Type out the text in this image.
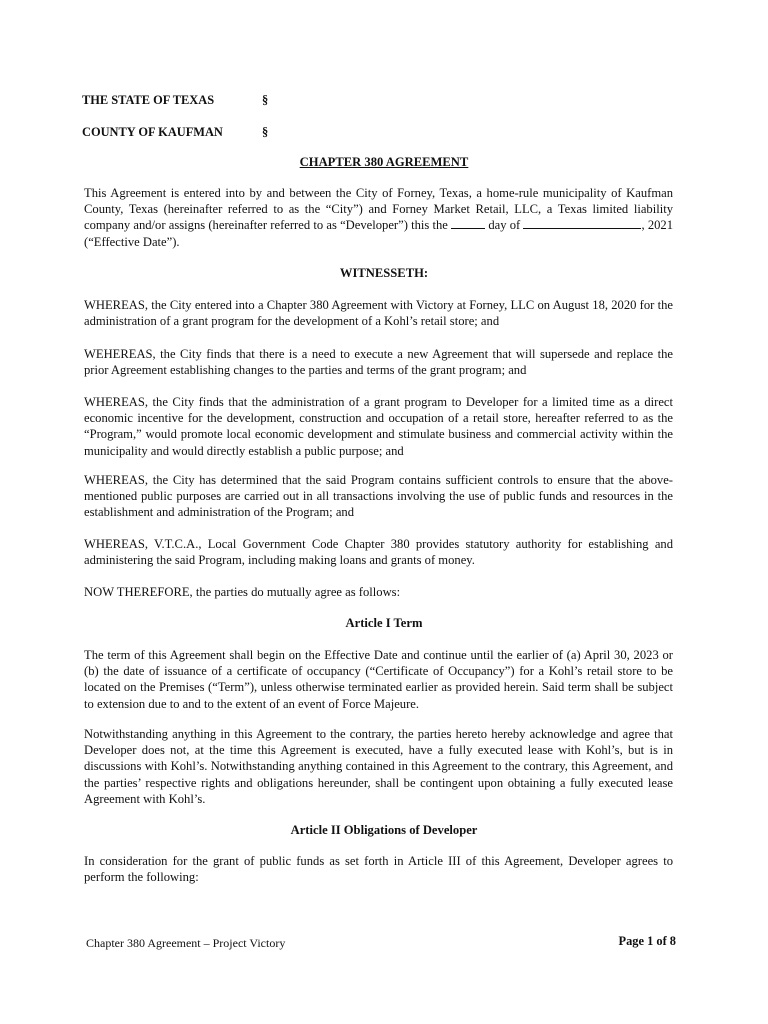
THE STATE OF TEXAS	§
COUNTY OF KAUFMAN	§
CHAPTER 380 AGREEMENT

This Agreement is entered into by and between the City of Forney, Texas, a home-rule municipality of Kaufman County, Texas (hereinafter referred to as the “City”) and Forney Market Retail, LLC, a Texas limited liability company and/or assigns (hereinafter referred to as “Developer”) this the	day of	, 2021 (“Effective Date”).

WITNESSETH:

WHEREAS, the City entered into a Chapter 380 Agreement with Victory at Forney, LLC on August 18, 2020 for the administration of a grant program for the development of a Kohl’s retail store; and

WEHEREAS, the City finds that there is a need to execute a new Agreement that will supersede and replace the prior Agreement establishing changes to the parties and terms of the grant program; and

WHEREAS, the City finds that the administration of a grant program to Developer for a limited time as a direct economic incentive for the development, construction and occupation of a retail store, hereafter referred to as the “Program,” would promote local economic development and stimulate business and commercial activity within the municipality and would directly establish a public purpose; and

WHEREAS, the City has determined that the said Program contains sufficient controls to ensure that the above-mentioned public purposes are carried out in all transactions involving the use of public funds and resources in the establishment and administration of the Program; and

WHEREAS, V.T.C.A., Local Government Code Chapter 380 provides statutory authority for establishing and administering the said Program, including making loans and grants of money.

NOW THEREFORE, the parties do mutually agree as follows:

Article I Term

The term of this Agreement shall begin on the Effective Date and continue until the earlier of (a) April 30, 2023 or (b) the date of issuance of a certificate of occupancy (“Certificate of Occupancy”) for a Kohl’s retail store to be located on the Premises (“Term”), unless otherwise terminated earlier as provided herein. Said term shall be subject to extension due to and to the extent of an event of Force Majeure.

Notwithstanding anything in this Agreement to the contrary, the parties hereto hereby acknowledge and agree that Developer does not, at the time this Agreement is executed, have a fully executed lease with Kohl’s, but is in discussions with Kohl’s. Notwithstanding anything contained in this Agreement to the contrary, this Agreement, and the parties’ respective rights and obligations hereunder, shall be contingent upon obtaining a fully executed lease Agreement with Kohl’s.

Article II Obligations of Developer

In consideration for the grant of public funds as set forth in Article III of this Agreement, Developer agrees to perform the following:

Chapter 380 Agreement – Project Victory	Page 1 of 8
